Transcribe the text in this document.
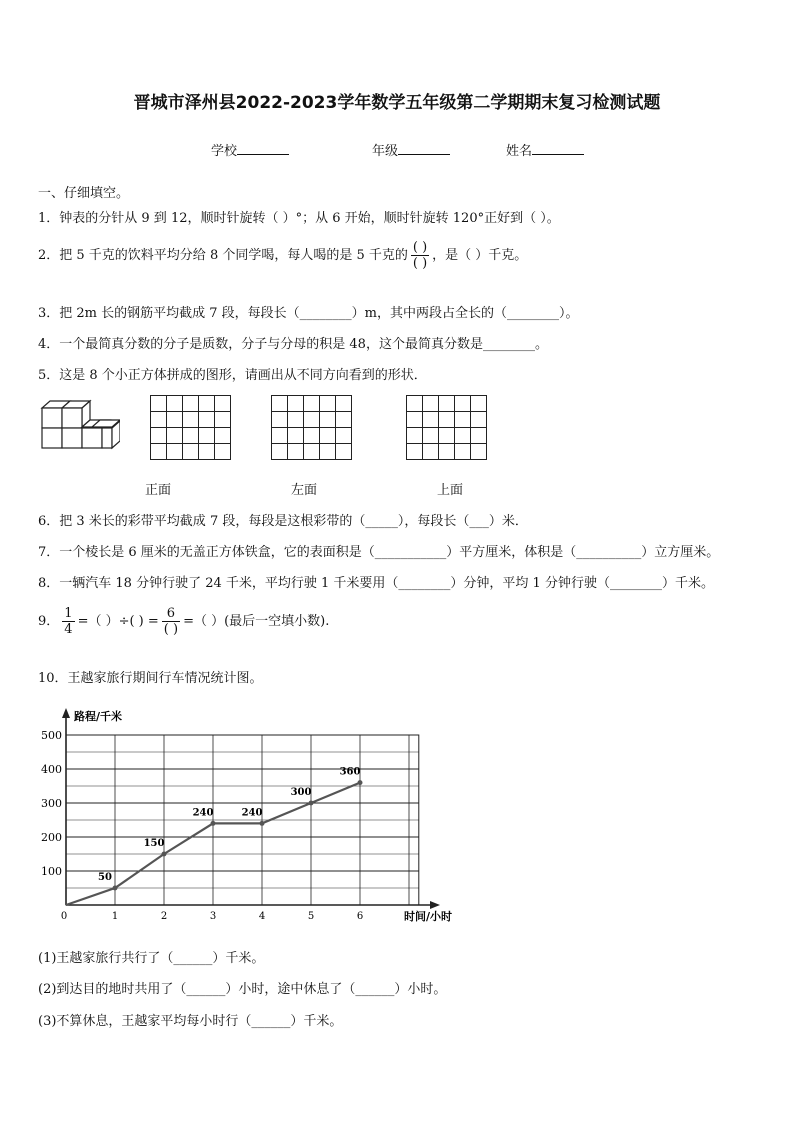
晋城市泽州县2022-2023学年数学五年级第二学期期末复习检测试题
学校	年级	姓名
一、仔细填空。
1．钟表的分针从 9 到 12，顺时针旋转（ ）°；从 6 开始，顺时针旋转 120°正好到（ ）。
2．把 5 千克的饮料平均分给 8 个同学喝，每人喝的是 5 千克的 $\frac{( )}{( )}$ ，是（ ）千克。
3．把 2m 长的钢筋平均截成 7 段，每段长（________）m，其中两段占全长的（________）。
4．一个最简真分数的分子是质数，分子与分母的积是 48，这个最简真分数是________。
5．这是 8 个小正方体拼成的图形，请画出从不同方向看到的形状．

正面	左面	上面
6．把 3 米长的彩带平均截成 7 段，每段是这根彩带的（_____），每段长（___）米．
7．一个棱长是 6 厘米的无盖正方体铁盒，它的表面积是（___________）平方厘米，体积是（__________）立方厘米。
8．一辆汽车 18 分钟行驶了 24 千米，平均行驶 1 千米要用（________）分钟，平均 1 分钟行驶（________）千米。
9． $\frac{1}{4}$ =（ ）÷( ) = $\frac{6}{( )}$ =（ ）(最后一空填小数).
10．王越家旅行期间行车情况统计图。
路程/千米
时间/小时
100
200
300
400
500
0	1	2	3	4	5	6
50
150
240	240
300
360
(1)王越家旅行共行了（______）千米。
(2)到达目的地时共用了（______）小时，途中休息了（______）小时。
(3)不算休息，王越家平均每小时行（______）千米。
